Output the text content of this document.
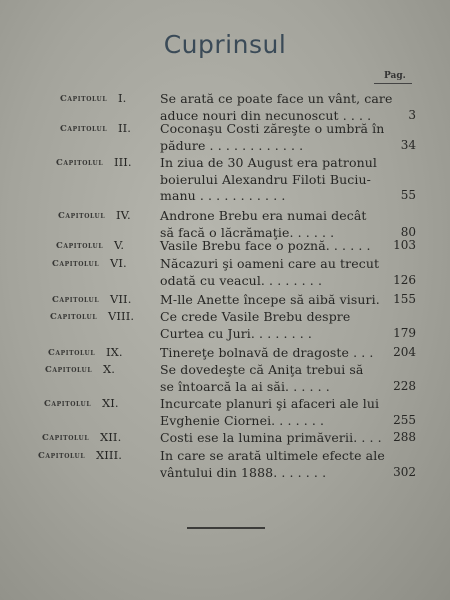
Cuprinsul
Pag.
Capitolul I.	Se arată ce poate face un vânt, care
aduce nouri din necunoscut . . . .	3
Capitolul II. Coconaşu Costi zăreşte o umbră în
pădure . . . . . . . . . . . .	34
Capitolul III. In ziua de 30 August era patronul
boierului Alexandru Filoti Buciu-
manu . . . . . . . . . . .	55
Capitolul IV. Androne Brebu era numai decât
să facă o lăcrămaţie. . . . . .	80
Capitolul V.	Vasile Brebu face o poznă. . . . . . 103
Capitolul VI.	Năcazuri şi oameni care au trecut
odată cu veacul. . . . . . . .	126
Capitolul VII. M-lle Anette începe să aibă visuri. 155
Capitolul VIII. Ce crede Vasile Brebu despre
Curtea cu Juri. . . . . . . .	179
Capitolul IX.	Tinereţe bolnavă de dragoste . . . 204
Capitolul X.	Se dovedeşte că Aniţa trebui să
se întoarcă la ai săi. . . . . .	228
Capitolul XI.	Incurcate planuri şi afaceri ale lui
Evghenie Ciornei. . . . . . .	255
Capitolul XII.	Costi ese la lumina primăverii. . . . 288
Capitolul XIII.	In care se arată ultimele efecte ale
vântului din 1888. . . . . . .	302
